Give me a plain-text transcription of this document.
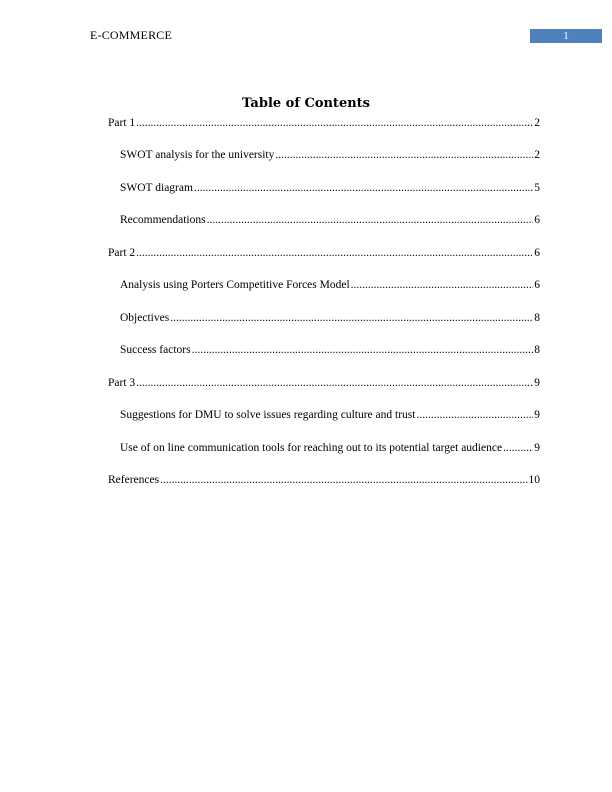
E-COMMERCE	1
Table of Contents
Part 1 .....	2
SWOT analysis for the university .....	2
SWOT diagram .....	5
Recommendations .....	6
Part 2 .....	6
Analysis using Porters Competitive Forces Model .....	6
Objectives .....	8
Success factors .....	8
Part 3 .....	9
Suggestions for DMU to solve issues regarding culture and trust .....	9
Use of on line communication tools for reaching out to its potential target audience .....	9
References .....	10
